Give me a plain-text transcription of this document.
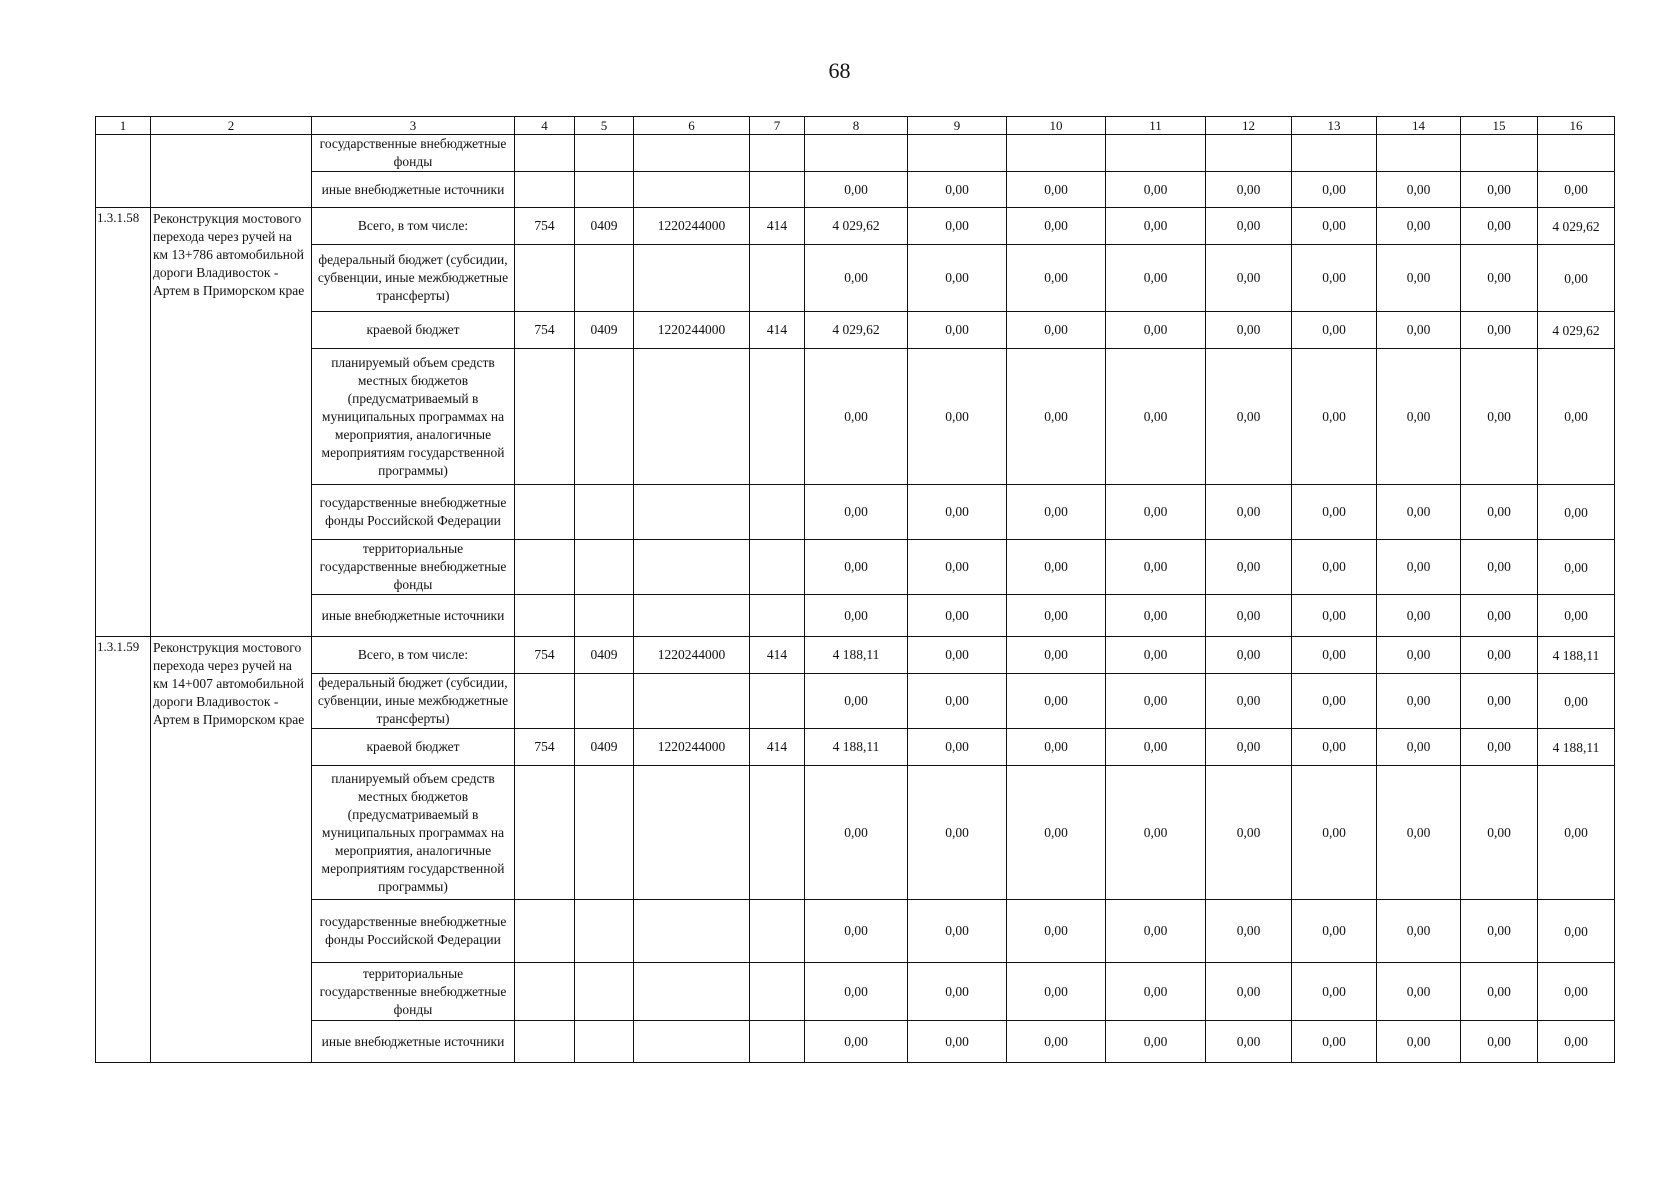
68
1	2	3	4	5	6	7	8	9	10	11	12	13	14	15	16
		государственные внебюджетные фонды													
		иные внебюджетные источники					0,00	0,00	0,00	0,00	0,00	0,00	0,00	0,00	0,00
1.3.1.58	Реконструкция мостового перехода через ручей на км 13+786 автомобильной дороги Владивосток - Артем в Приморском крае	Всего, в том числе:	754	0409	1220244000	414	4 029,62	0,00	0,00	0,00	0,00	0,00	0,00	0,00	4 029,62
		федеральный бюджет (субсидии, субвенции, иные межбюджетные трансферты)					0,00	0,00	0,00	0,00	0,00	0,00	0,00	0,00	0,00
		краевой бюджет	754	0409	1220244000	414	4 029,62	0,00	0,00	0,00	0,00	0,00	0,00	0,00	4 029,62
		планируемый объем средств местных бюджетов (предусматриваемый в муниципальных программах на мероприятия, аналогичные мероприятиям государственной программы)					0,00	0,00	0,00	0,00	0,00	0,00	0,00	0,00	0,00
		государственные внебюджетные фонды Российской Федерации					0,00	0,00	0,00	0,00	0,00	0,00	0,00	0,00	0,00
		территориальные государственные внебюджетные фонды					0,00	0,00	0,00	0,00	0,00	0,00	0,00	0,00	0,00
		иные внебюджетные источники					0,00	0,00	0,00	0,00	0,00	0,00	0,00	0,00	0,00
1.3.1.59	Реконструкция мостового перехода через ручей на км 14+007 автомобильной дороги Владивосток - Артем в Приморском крае	Всего, в том числе:	754	0409	1220244000	414	4 188,11	0,00	0,00	0,00	0,00	0,00	0,00	0,00	4 188,11
		федеральный бюджет (субсидии, субвенции, иные межбюджетные трансферты)					0,00	0,00	0,00	0,00	0,00	0,00	0,00	0,00	0,00
		краевой бюджет	754	0409	1220244000	414	4 188,11	0,00	0,00	0,00	0,00	0,00	0,00	0,00	4 188,11
		планируемый объем средств местных бюджетов (предусматриваемый в муниципальных программах на мероприятия, аналогичные мероприятиям государственной программы)					0,00	0,00	0,00	0,00	0,00	0,00	0,00	0,00	0,00
		государственные внебюджетные фонды Российской Федерации					0,00	0,00	0,00	0,00	0,00	0,00	0,00	0,00	0,00
		территориальные государственные внебюджетные фонды					0,00	0,00	0,00	0,00	0,00	0,00	0,00	0,00	0,00
		иные внебюджетные источники					0,00	0,00	0,00	0,00	0,00	0,00	0,00	0,00	0,00
